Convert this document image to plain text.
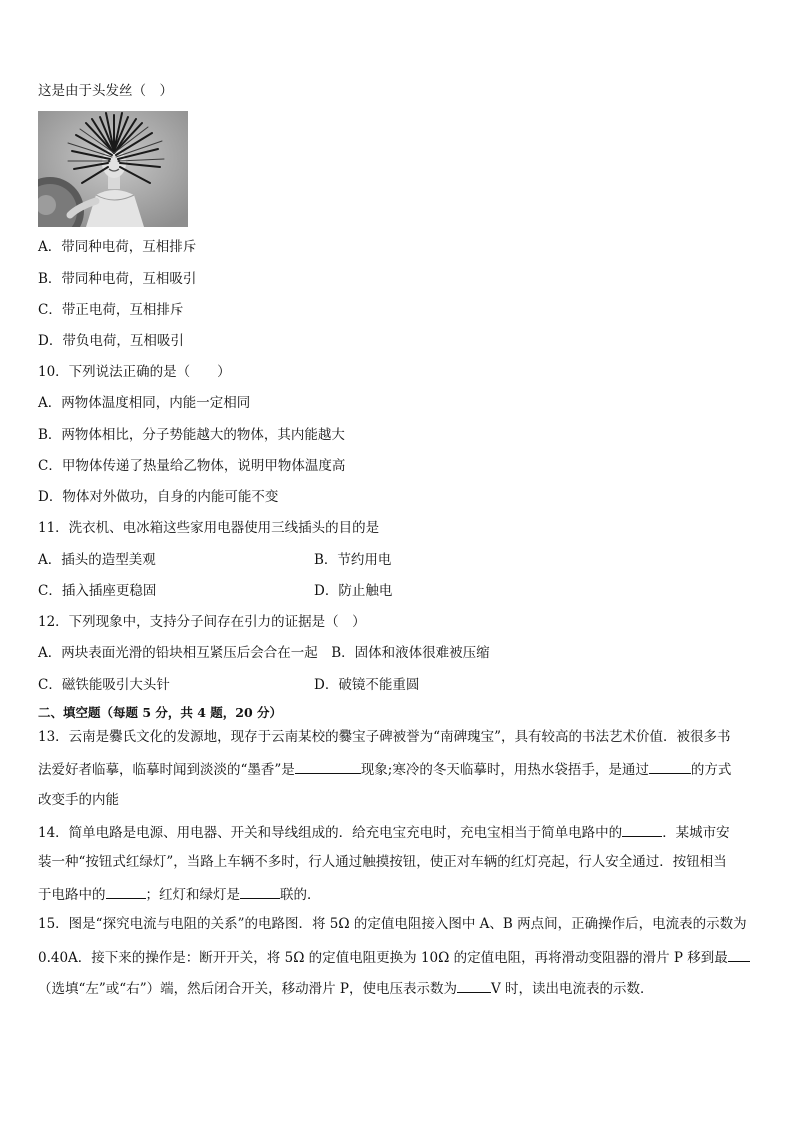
这是由于头发丝（　）
A．带同种电荷，互相排斥
B．带同种电荷，互相吸引
C．带正电荷，互相排斥
D．带负电荷，互相吸引
10．下列说法正确的是（　　）
A．两物体温度相同，内能一定相同
B．两物体相比，分子势能越大的物体，其内能越大
C．甲物体传递了热量给乙物体，说明甲物体温度高
D．物体对外做功，自身的内能可能不变
11．洗衣机、电冰箱这些家用电器使用三线插头的目的是
A．插头的造型美观	B．节约用电
C．插入插座更稳固	D．防止触电
12．下列现象中，支持分子间存在引力的证据是（　）
A．两块表面光滑的铅块相互紧压后会合在一起　B．固体和液体很难被压缩
C．磁铁能吸引大头针	D．破镜不能重圆
二、填空题（每题 5 分，共 4 题，20 分）
13．云南是爨氏文化的发源地，现存于云南某校的爨宝子碑被誉为“南碑瑰宝”，具有较高的书法艺术价值．被很多书
法爱好者临摹，临摹时闻到淡淡的“墨香”是	现象;寒冷的冬天临摹时，用热水袋捂手，是通过	的方式
改变手的内能
14．简单电路是电源、用电器、开关和导线组成的．给充电宝充电时，充电宝相当于简单电路中的	．某城市安
装一种“按钮式红绿灯”，当路上车辆不多时，行人通过触摸按钮，使正对车辆的红灯亮起，行人安全通过．按钮相当
于电路中的	；红灯和绿灯是	联的．
15．图是“探究电流与电阻的关系”的电路图．将 5Ω 的定值电阻接入图中 A、B 两点间，正确操作后，电流表的示数为
0.40A．接下来的操作是：断开开关，将 5Ω 的定值电阻更换为 10Ω 的定值电阻，再将滑动变阻器的滑片 P 移到最
（选填“左”或“右”）端，然后闭合开关，移动滑片 P，使电压表示数为	V 时，读出电流表的示数．
